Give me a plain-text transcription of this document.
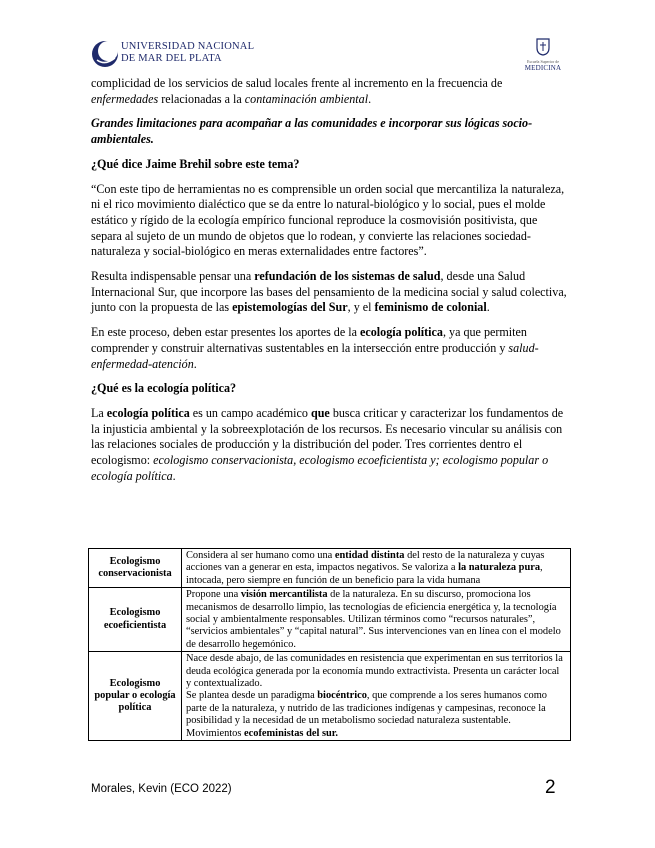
UNIVERSIDAD NACIONAL
DE MAR DEL PLATA	Escuela Superior de
MEDICINA

complicidad de los servicios de salud locales frente al incremento en la frecuencia de enfermedades relacionadas a la contaminación ambiental.

Grandes limitaciones para acompañar a las comunidades e incorporar sus lógicas socio-ambientales.

¿Qué dice Jaime Brehil sobre este tema?

“Con este tipo de herramientas no es comprensible un orden social que mercantiliza la naturaleza, ni el rico movimiento dialéctico que se da entre lo natural-biológico y lo social, pues el molde estático y rígido de la ecología empírico funcional reproduce la cosmovisión positivista, que separa al sujeto de un mundo de objetos que lo rodean, y convierte las relaciones sociedad-naturaleza y social-biológico en meras externalidades entre factores”.

Resulta indispensable pensar una refundación de los sistemas de salud, desde una Salud Internacional Sur, que incorpore las bases del pensamiento de la medicina social y salud colectiva, junto con la propuesta de las epistemologías del Sur, y el feminismo de colonial.

En este proceso, deben estar presentes los aportes de la ecología política, ya que permiten comprender y construir alternativas sustentables en la intersección entre producción y salud-enfermedad-atención.

¿Qué es la ecología política?

La ecología política es un campo académico que busca criticar y caracterizar los fundamentos de la injusticia ambiental y la sobreexplotación de los recursos. Es necesario vincular su análisis con las relaciones sociales de producción y la distribución del poder. Tres corrientes dentro el ecologismo: ecologismo conservacionista, ecologismo ecoeficientista y; ecologismo popular o ecología política.

Ecologismo conservacionista	Considera al ser humano como una entidad distinta del resto de la naturaleza y cuyas acciones van a generar en esta, impactos negativos. Se valoriza a la naturaleza pura, intocada, pero siempre en función de un beneficio para la vida humana
Ecologismo ecoeficientista	Propone una visión mercantilista de la naturaleza. En su discurso, promociona los mecanismos de desarrollo limpio, las tecnologías de eficiencia energética y, la tecnología social y ambientalmente responsables. Utilizan términos como “recursos naturales”, “servicios ambientales” y “capital natural”. Sus intervenciones van en línea con el modelo de desarrollo hegemónico.
Ecologismo popular o ecología política	Nace desde abajo, de las comunidades en resistencia que experimentan en sus territorios la deuda ecológica generada por la economía mundo extractivista. Presenta un carácter local y contextualizado.
Se plantea desde un paradigma biocéntrico, que comprende a los seres humanos como parte de la naturaleza, y nutrido de las tradiciones indígenas y campesinas, reconoce la posibilidad y la necesidad de un metabolismo sociedad naturaleza sustentable. Movimientos ecofeministas del sur.
Morales, Kevin (ECO 2022)	2
